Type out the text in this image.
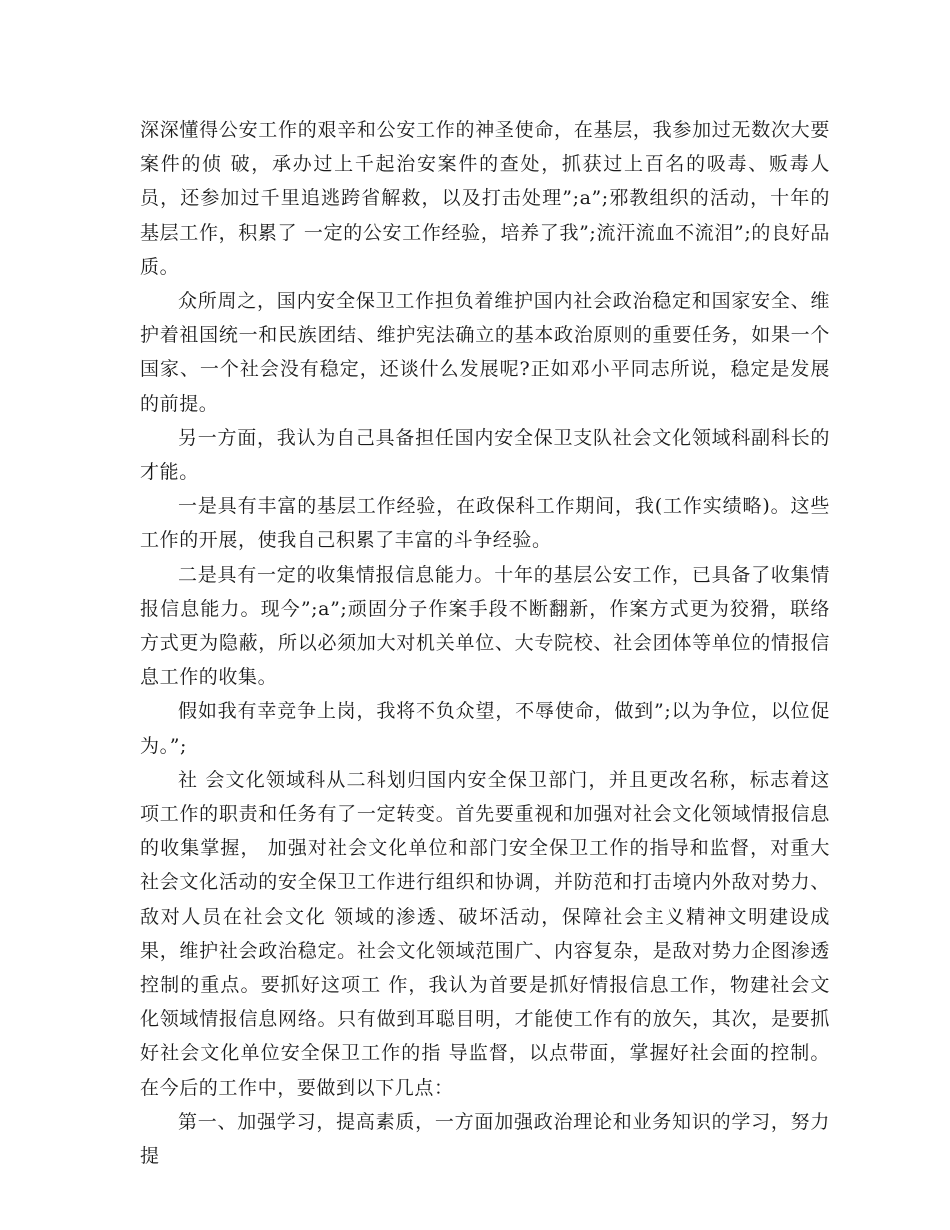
深深懂得公安工作的艰辛和公安工作的神圣使命，在基层，我参加过无数次大要案件的侦 破，承办过上千起治安案件的查处，抓获过上百名的吸毒、贩毒人员，还参加过千里追逃跨省解救，以及打击处理”;a”;邪教组织的活动，十年的基层工作，积累了 一定的公安工作经验，培养了我”;流汗流血不流泪”;的良好品质。

众所周之，国内安全保卫工作担负着维护国内社会政治稳定和国家安全、维护着祖国统一和民族团结、维护宪法确立的基本政治原则的重要任务，如果一个国家、一个社会没有稳定，还谈什么发展呢?正如邓小平同志所说，稳定是发展的前提。

另一方面，我认为自己具备担任国内安全保卫支队社会文化领域科副科长的才能。

一是具有丰富的基层工作经验，在政保科工作期间，我(工作实绩略)。这些工作的开展，使我自己积累了丰富的斗争经验。

二是具有一定的收集情报信息能力。十年的基层公安工作，已具备了收集情报信息能力。现今”;a”;顽固分子作案手段不断翻新，作案方式更为狡猾，联络方式更为隐蔽，所以必须加大对机关单位、大专院校、社会团体等单位的情报信息工作的收集。

假如我有幸竞争上岗，我将不负众望，不辱使命，做到”;以为争位，以位促为。”;

社 会文化领域科从二科划归国内安全保卫部门，并且更改名称，标志着这项工作的职责和任务有了一定转变。首先要重视和加强对社会文化领域情报信息的收集掌握， 加强对社会文化单位和部门安全保卫工作的指导和监督，对重大社会文化活动的安全保卫工作进行组织和协调，并防范和打击境内外敌对势力、敌对人员在社会文化 领域的渗透、破坏活动，保障社会主义精神文明建设成果，维护社会政治稳定。社会文化领域范围广、内容复杂，是敌对势力企图渗透控制的重点。要抓好这项工 作，我认为首要是抓好情报信息工作，物建社会文化领域情报信息网络。只有做到耳聪目明，才能使工作有的放矢，其次，是要抓好社会文化单位安全保卫工作的指 导监督，以点带面，掌握好社会面的控制。在今后的工作中，要做到以下几点：

第一、加强学习，提高素质，一方面加强政治理论和业务知识的学习，努力提
